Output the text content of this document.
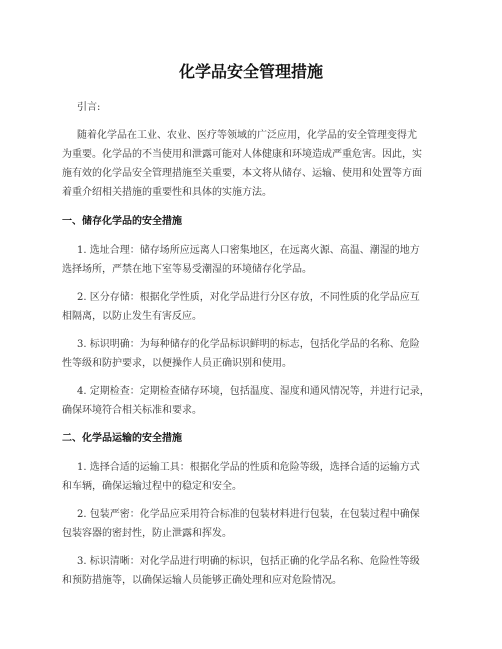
化学品安全管理措施
引言:
随着化学品在工业、农业、医疗等领域的广泛应用，化学品的安全管理变得尤
为重要。化学品的不当使用和泄露可能对人体健康和环境造成严重危害。因此，实
施有效的化学品安全管理措施至关重要，本文将从储存、运输、使用和处置等方面
着重介绍相关措施的重要性和具体的实施方法。
一、储存化学品的安全措施
1. 选址合理：储存场所应远离人口密集地区，在远离火源、高温、潮湿的地方
选择场所，严禁在地下室等易受潮湿的环境储存化学品。
2. 区分存储：根据化学性质，对化学品进行分区存放，不同性质的化学品应互
相隔离，以防止发生有害反应。
3. 标识明确：为每种储存的化学品标识鲜明的标志，包括化学品的名称、危险
性等级和防护要求，以便操作人员正确识别和使用。
4. 定期检查：定期检查储存环境，包括温度、湿度和通风情况等，并进行记录，
确保环境符合相关标准和要求。
二、化学品运输的安全措施
1. 选择合适的运输工具：根据化学品的性质和危险等级，选择合适的运输方式
和车辆，确保运输过程中的稳定和安全。
2. 包装严密：化学品应采用符合标准的包装材料进行包装，在包装过程中确保
包装容器的密封性，防止泄露和挥发。
3. 标识清晰：对化学品进行明确的标识，包括正确的化学品名称、危险性等级
和预防措施等，以确保运输人员能够正确处理和应对危险情况。
